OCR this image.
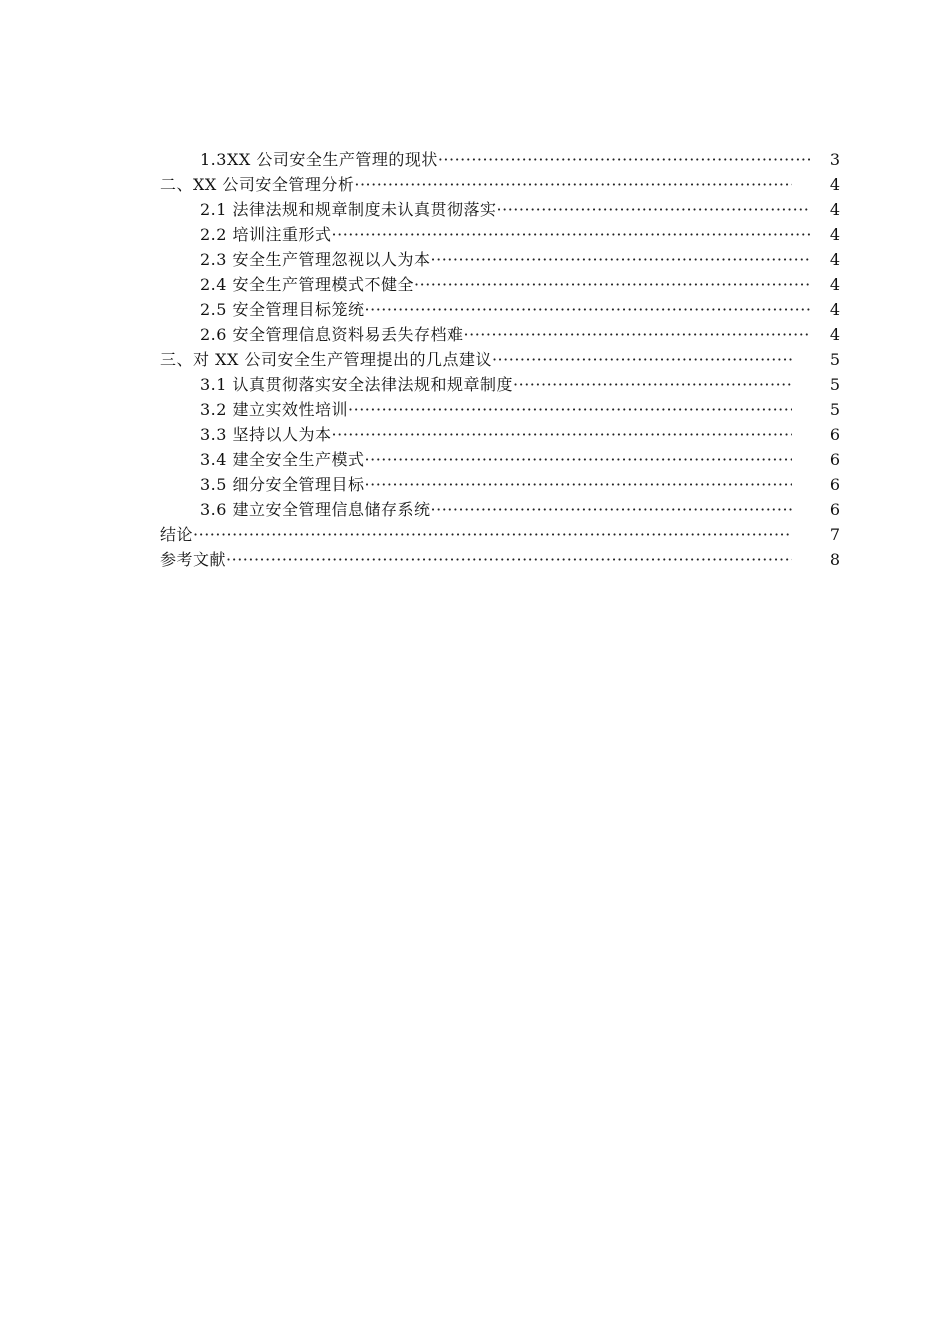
1.3XX 公司安全生产管理的现状 ·····	3
二、XX 公司安全管理分析 ·····	4
2.1 法律法规和规章制度未认真贯彻落实 ·····	4
2.2 培训注重形式 ·····	4
2.3 安全生产管理忽视以人为本 ·····	4
2.4 安全生产管理模式不健全 ·····	4
2.5 安全管理目标笼统 ·····	4
2.6 安全管理信息资料易丢失存档难 ·····	4
三、对 XX 公司安全生产管理提出的几点建议 ·····	5
3.1 认真贯彻落实安全法律法规和规章制度 ·····	5
3.2 建立实效性培训 ·····	5
3.3 坚持以人为本 ·····	6
3.4 建全安全生产模式 ·····	6
3.5 细分安全管理目标 ·····	6
3.6 建立安全管理信息储存系统 ·····	6
结论 ·····	7
参考文献 ·····	8
